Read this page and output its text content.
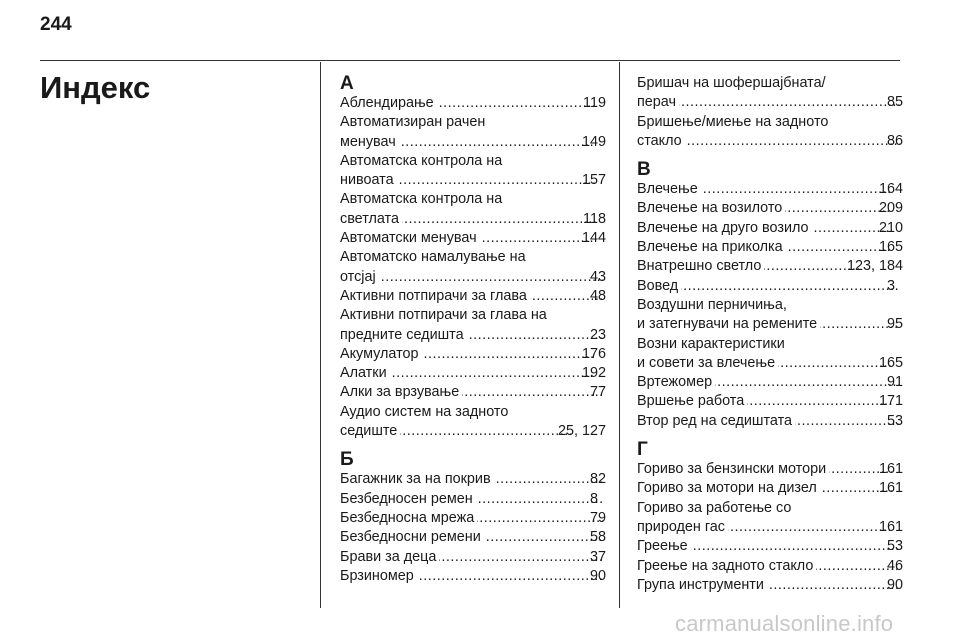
244
Индекс	А
Аблендирање .....	119
Автоматизиран рачен
менувач .....	149
Автоматска контрола на
нивоата .....	157
Автоматска контрола на
светлата .....	118
Автоматски менувач .....	144
Автоматско намалување на
отсјај .....	43
Активни потпирачи за глава .....	48
Активни потпирачи за глава на
предните седишта .....	23
Акумулатор .....	176
Алатки .....	192
Алки за врзување .....	77
Аудио систем на задното
седиште .....	25, 127
Б
Багажник за на покрив .....	82
Безбедносен ремен .....	8
Безбедносна мрежа .....	79
Безбедносни ремени .....	58
Брави за деца .....	37
Брзиномер .....	90
Бришач на шофершајбната/
перач .....	85
Бришење/миење на задното
стакло .....	86
В
Влечење .....	164
Влечење на возилото .....	209
Влечење на друго возило .....	210
Влечење на приколка .....	165
Внатрешно светло .....	123, 184
Вовед .....	3
Воздушни перничиња,
и затегнувачи на ремените .....	95
Возни карактеристики
и совети за влечење .....	165
Вртежомер .....	91
Вршење работа .....	171
Втор ред на седиштата .....	53
Г
Гориво за бензински мотори .....	161
Гориво за мотори на дизел .....	161
Гориво за работење со
природен гас .....	161
Греење .....	53
Греење на задното стакло .....	46
Група инструменти .....	90
carmanualsonline.info
